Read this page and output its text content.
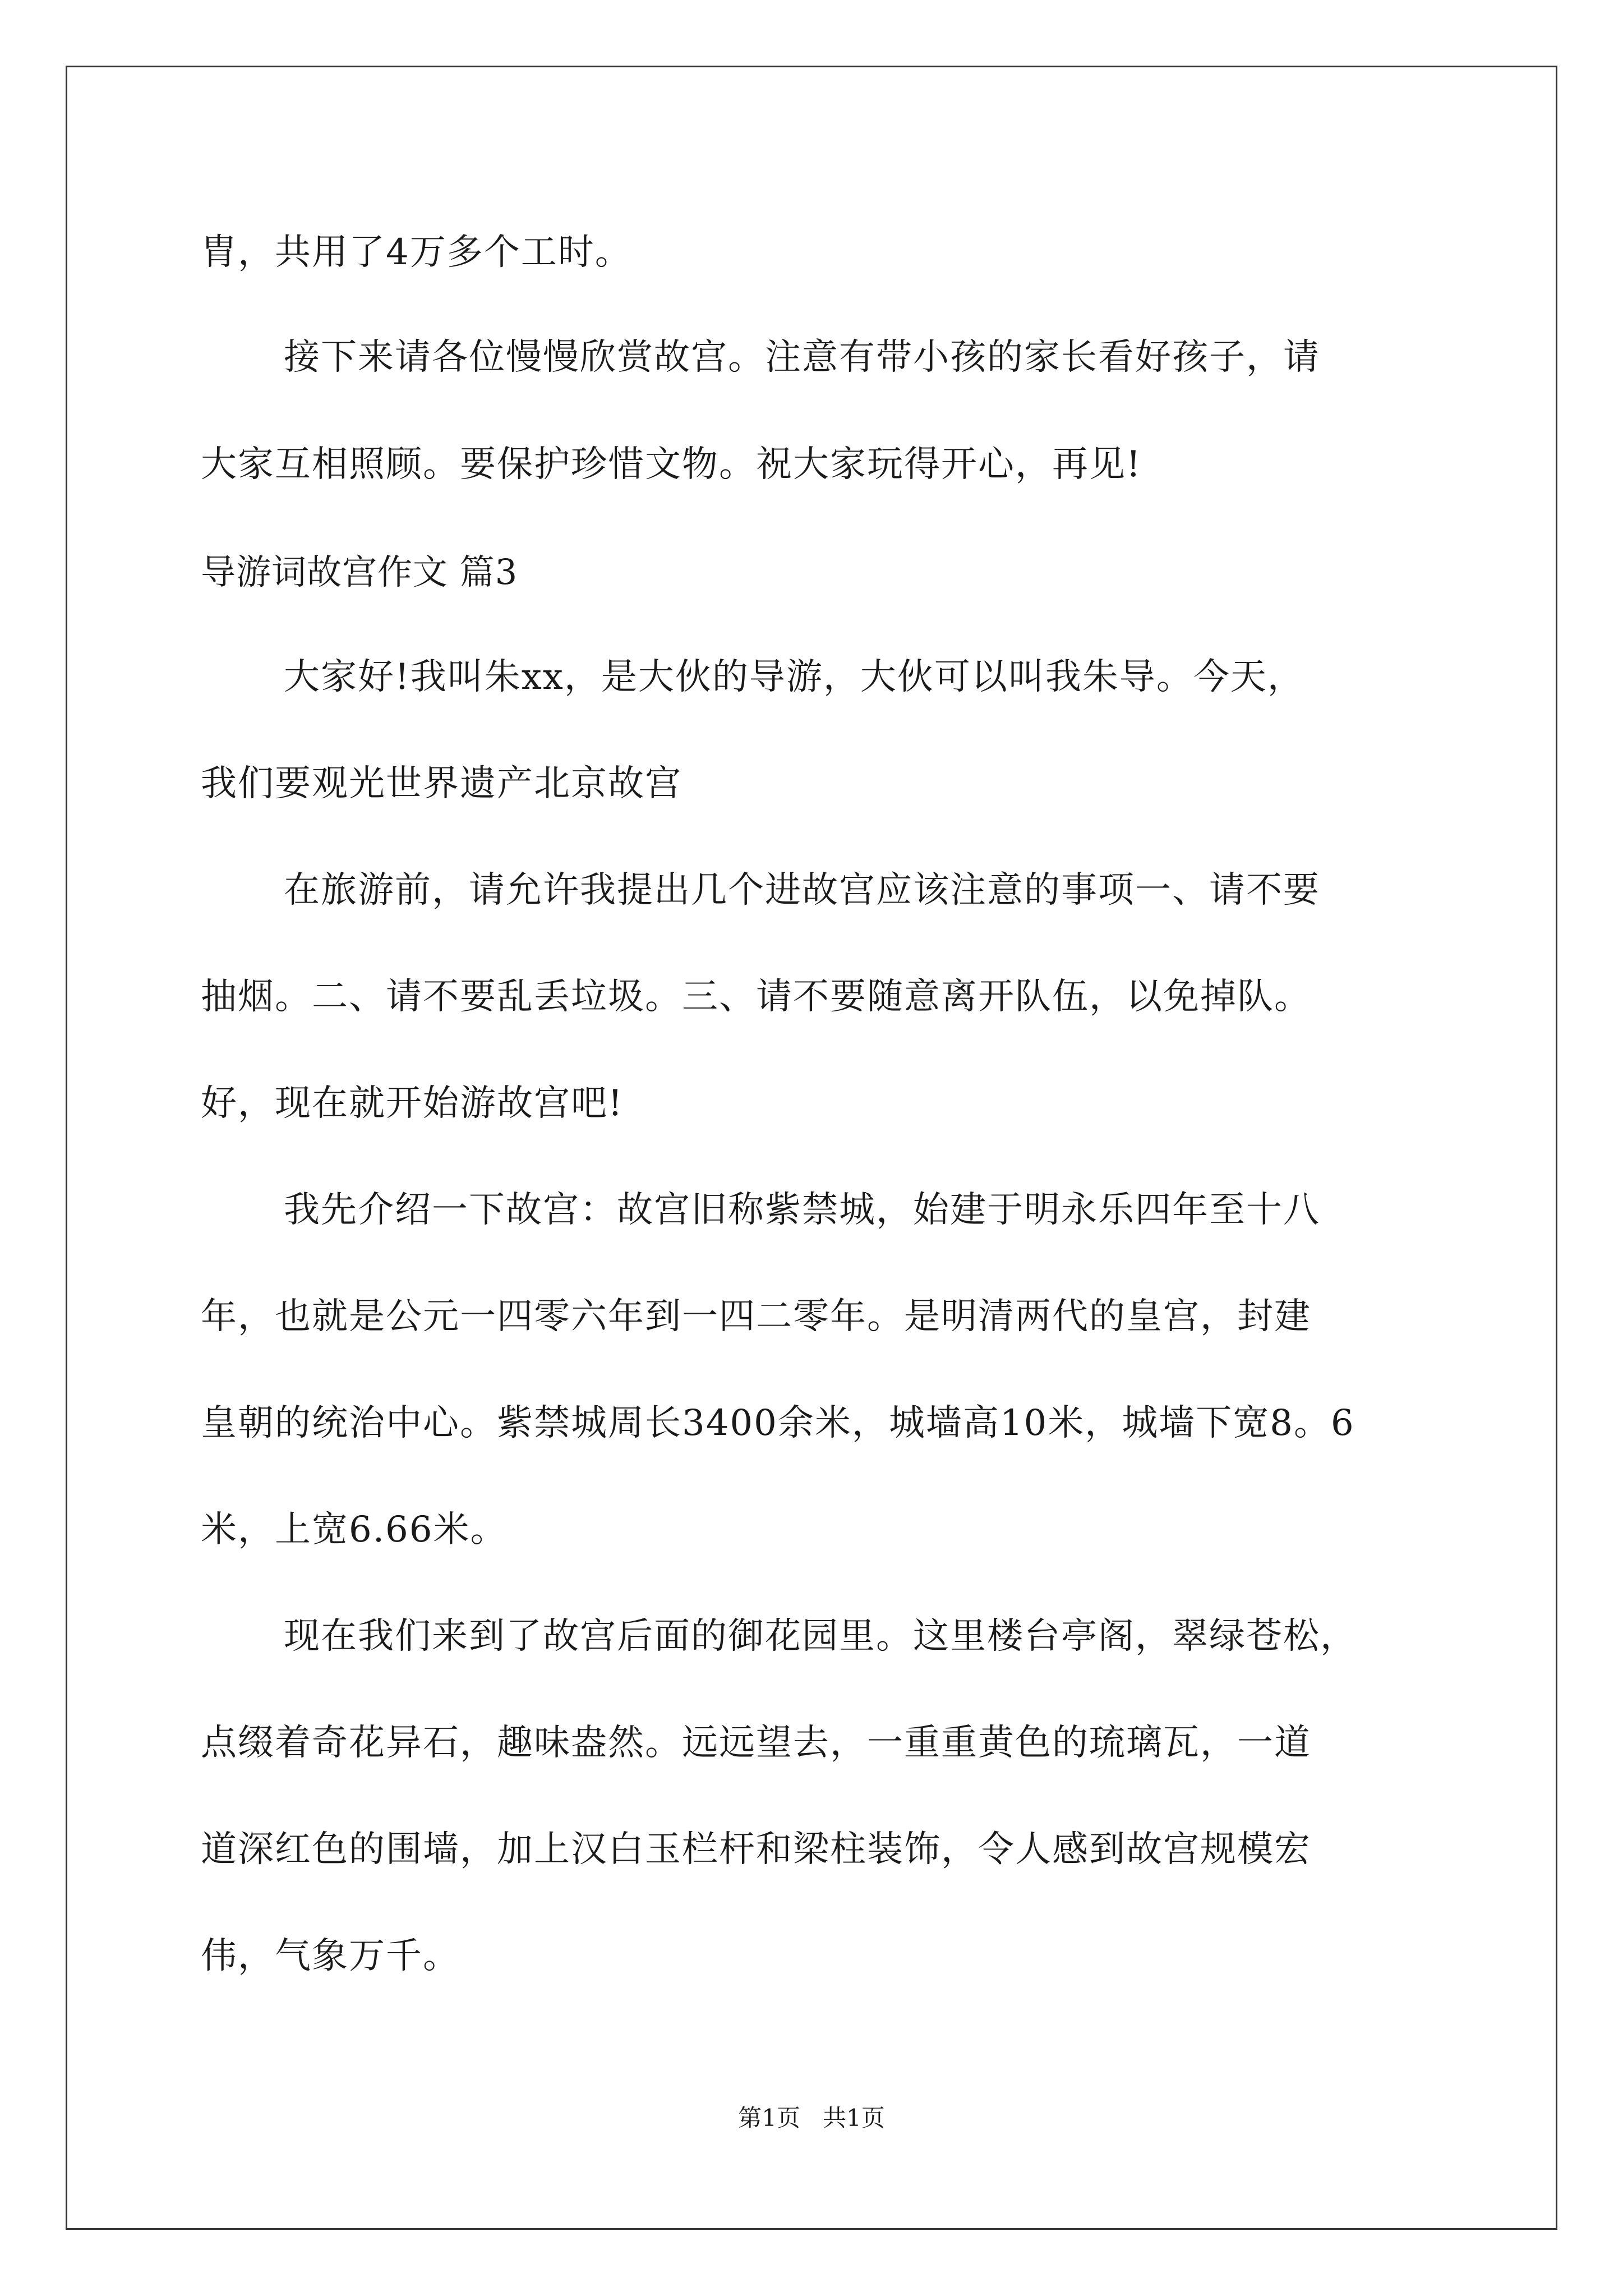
胄，共用了4万多个工时。
接下来请各位慢慢欣赏故宫。注意有带小孩的家长看好孩子，请
大家互相照顾。要保护珍惜文物。祝大家玩得开心，再见!
导游词故宫作文 篇3
大家好!我叫朱xx，是大伙的导游，大伙可以叫我朱导。今天，
我们要观光世界遗产北京故宫
在旅游前，请允许我提出几个进故宫应该注意的事项一、请不要
抽烟。二、请不要乱丢垃圾。三、请不要随意离开队伍，以免掉队。
好，现在就开始游故宫吧!
我先介绍一下故宫：故宫旧称紫禁城，始建于明永乐四年至十八
年，也就是公元一四零六年到一四二零年。是明清两代的皇宫，封建
皇朝的统治中心。紫禁城周长3400余米，城墙高10米，城墙下宽8。6
米，上宽6.66米。
现在我们来到了故宫后面的御花园里。这里楼台亭阁，翠绿苍松，
点缀着奇花异石，趣味盎然。远远望去，一重重黄色的琉璃瓦，一道
道深红色的围墙，加上汉白玉栏杆和梁柱装饰，令人感到故宫规模宏
伟，气象万千。
第1页   共1页
